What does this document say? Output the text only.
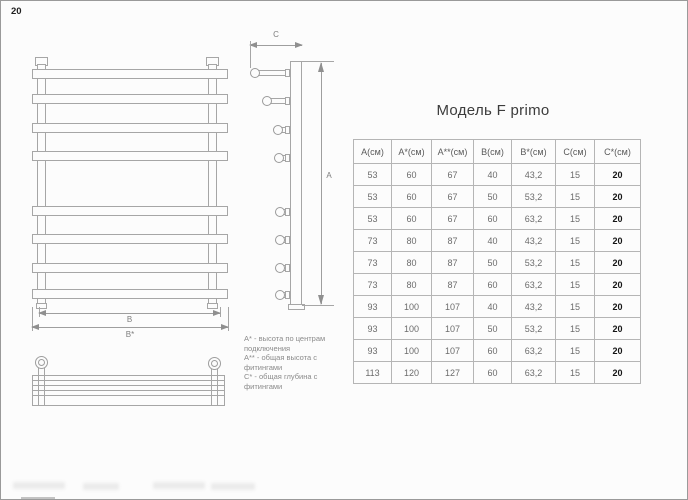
20
В
В*
C
А
А* - высота по центрам
подключения
А** - общая высота с
фитингами
С* - общая глубина с
фитингами
Модель F primo
А(см)	А*(см)	А**(см)	В(см)	В*(см)	С(см)	С*(см)
53	60	67	40	43,2	15	20
53	60	67	50	53,2	15	20
53	60	67	60	63,2	15	20
73	80	87	40	43,2	15	20
73	80	87	50	53,2	15	20
73	80	87	60	63,2	15	20
93	100	107	40	43,2	15	20
93	100	107	50	53,2	15	20
93	100	107	60	63,2	15	20
113	120	127	60	63,2	15	20
